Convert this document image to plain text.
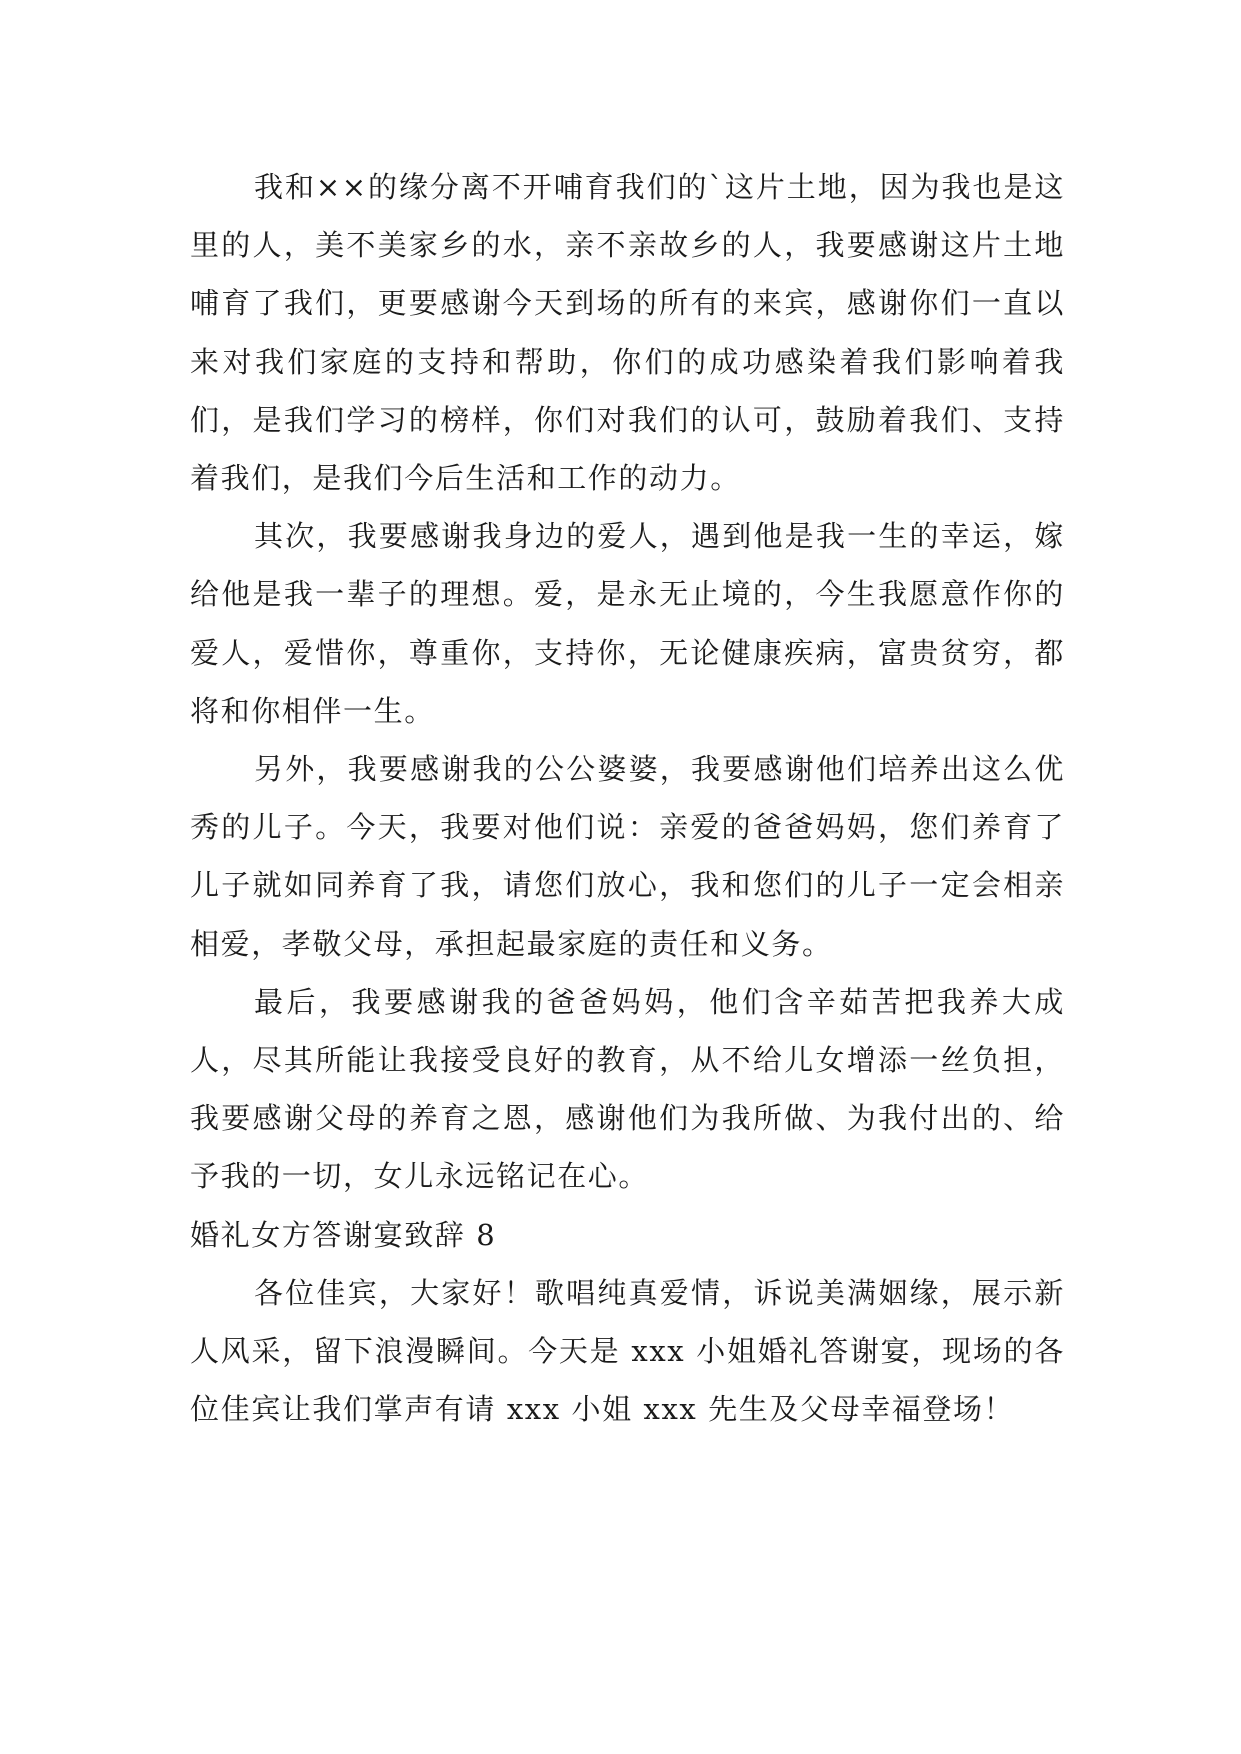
我和××的缘分离不开哺育我们的`这片土地，因为我也是这里的人，美不美家乡的水，亲不亲故乡的人，我要感谢这片土地哺育了我们，更要感谢今天到场的所有的来宾，感谢你们一直以来对我们家庭的支持和帮助，你们的成功感染着我们影响着我们，是我们学习的榜样，你们对我们的认可，鼓励着我们、支持着我们，是我们今后生活和工作的动力。

其次，我要感谢我身边的爱人，遇到他是我一生的幸运，嫁给他是我一辈子的理想。爱，是永无止境的，今生我愿意作你的爱人，爱惜你，尊重你，支持你，无论健康疾病，富贵贫穷，都将和你相伴一生。

另外，我要感谢我的公公婆婆，我要感谢他们培养出这么优秀的儿子。今天，我要对他们说：亲爱的爸爸妈妈，您们养育了儿子就如同养育了我，请您们放心，我和您们的儿子一定会相亲相爱，孝敬父母，承担起最家庭的责任和义务。

最后，我要感谢我的爸爸妈妈，他们含辛茹苦把我养大成人，尽其所能让我接受良好的教育，从不给儿女增添一丝负担，我要感谢父母的养育之恩，感谢他们为我所做、为我付出的、给予我的一切，女儿永远铭记在心。

婚礼女方答谢宴致辞 8

各位佳宾，大家好！歌唱纯真爱情，诉说美满姻缘，展示新人风采，留下浪漫瞬间。今天是 xxx 小姐婚礼答谢宴，现场的各位佳宾让我们掌声有请 xxx 小姐 xxx 先生及父母幸福登场！
